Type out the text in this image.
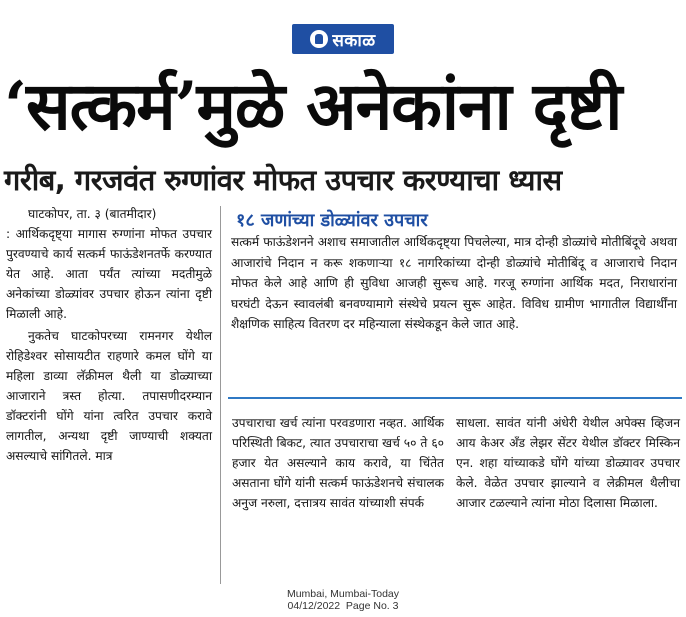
सकाळ
‘सत्कर्म’मुळे अनेकांना दृष्टी
गरीब, गरजवंत रुग्णांवर मोफत उपचार करण्याचा ध्यास
घाटकोपर, ता. ३ (बातमीदार)

: आर्थिकदृष्ट्या मागास रुग्णांना मोफत उपचार पुरवण्याचे कार्य सत्कर्म फाऊंडेशनतर्फे करण्यात येत आहे. आता पर्यंत त्यांच्या मदतीमुळे अनेकांच्या डोळ्यांवर उपचार होऊन त्यांना दृष्टी मिळाली आहे.

नुकतेच घाटकोपरच्या रामनगर येथील रोहिडेश्वर सोसायटीत राहणारे कमल घोंगे या महिला डाव्या लॅक्रीमल थैली या डोळ्याच्या आजाराने त्रस्त होत्या. तपासणीदरम्यान डॉक्टरांनी घोंगे यांना त्वरित उपचार करावे लागतील, अन्यथा दृष्टी जाण्याची शक्यता असल्याचे सांगितले. मात्र

१८ जणांच्या डोळ्यांवर उपचार
सत्कर्म फाऊंडेशनने अशाच समाजातील आर्थिकदृष्ट्या पिचलेल्या, मात्र दोन्ही डोळ्यांचे मोतीबिंदूचे अथवा आजारांचे निदान न करू शकणाऱ्या १८ नागरिकांच्या दोन्ही डोळ्यांचे मोतीबिंदू व आजाराचे निदान मोफत केले आहे आणि ही सुविधा आजही सुरूच आहे. गरजू रुग्णांना आर्थिक मदत, निराधारांना घरघंटी देऊन स्वावलंबी बनवण्यामागे संस्थेचे प्रयत्न सुरू आहेत. विविध ग्रामीण भागातील विद्यार्थींना शैक्षणिक साहित्य वितरण दर महिन्याला संस्थेकडून केले जात आहे.
उपचाराचा खर्च त्यांना परवडणारा नव्हत. आर्थिक परिस्थिती बिकट, त्यात उपचाराचा खर्च ५० ते ६० हजार येत असल्याने काय करावे, या चिंतेत असताना घोंगे यांनी सत्कर्म फाऊंडेशनचे संचालक अनुज नरुला, दत्तात्रय सावंत यांच्याशी संपर्क
साधला. सावंत यांनी अंधेरी येथील अपेक्स व्हिजन आय केअर अँड लेझर सेंटर येथील डॉक्टर मिस्किन एन. शहा यांच्याकडे घोंगे यांच्या डोळ्यावर उपचार केले. वेळेत उपचार झाल्याने व लेक्रीमल थैलीचा आजार टळल्याने त्यांना मोठा दिलासा मिळाला.
Mumbai, Mumbai-Today
04/12/2022  Page No. 3
